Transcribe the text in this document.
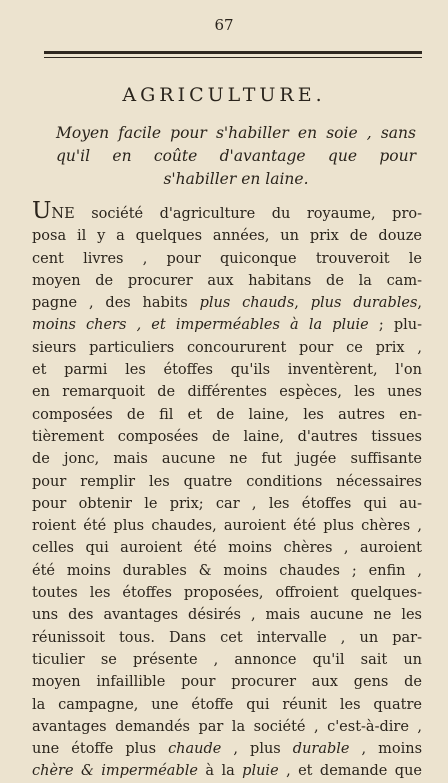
67
AGRICULTURE.
Moyen facile pour s'habiller en soie , sans
qu'il en coûte d'avantage que pour
s'habiller en laine.
UNE société d'agriculture du royaume, pro-
posa il y a quelques années, un prix de douze
cent livres , pour quiconque trouveroit le
moyen de procurer aux habitans de la cam-
pagne , des habits plus chauds, plus durables,
moins chers , et imperméables à la pluie ; plu-
sieurs particuliers concoururent pour ce prix ,
et parmi les étoffes qu'ils inventèrent, l'on
en remarquoit de différentes espèces, les unes
composées de fil et de laine, les autres en-
tièrement composées de laine, d'autres tissues
de jonc, mais aucune ne fut jugée suffisante
pour remplir les quatre conditions nécessaires
pour obtenir le prix; car , les étoffes qui au-
roient été plus chaudes, auroient été plus chères ,
celles qui auroient été moins chères , auroient
été moins durables & moins chaudes ; enfin ,
toutes les étoffes proposées, offroient quelques-
uns des avantages désirés , mais aucune ne les
réunissoit tous. Dans cet intervalle , un par-
ticulier se présente , annonce qu'il sait un
moyen infaillible pour procurer aux gens de
la campagne, une étoffe qui réunit les quatre
avantages demandés par la société , c'est-à-dire ,
une étoffe plus chaude , plus durable , moins
chère & imperméable à la pluie , et demande que
